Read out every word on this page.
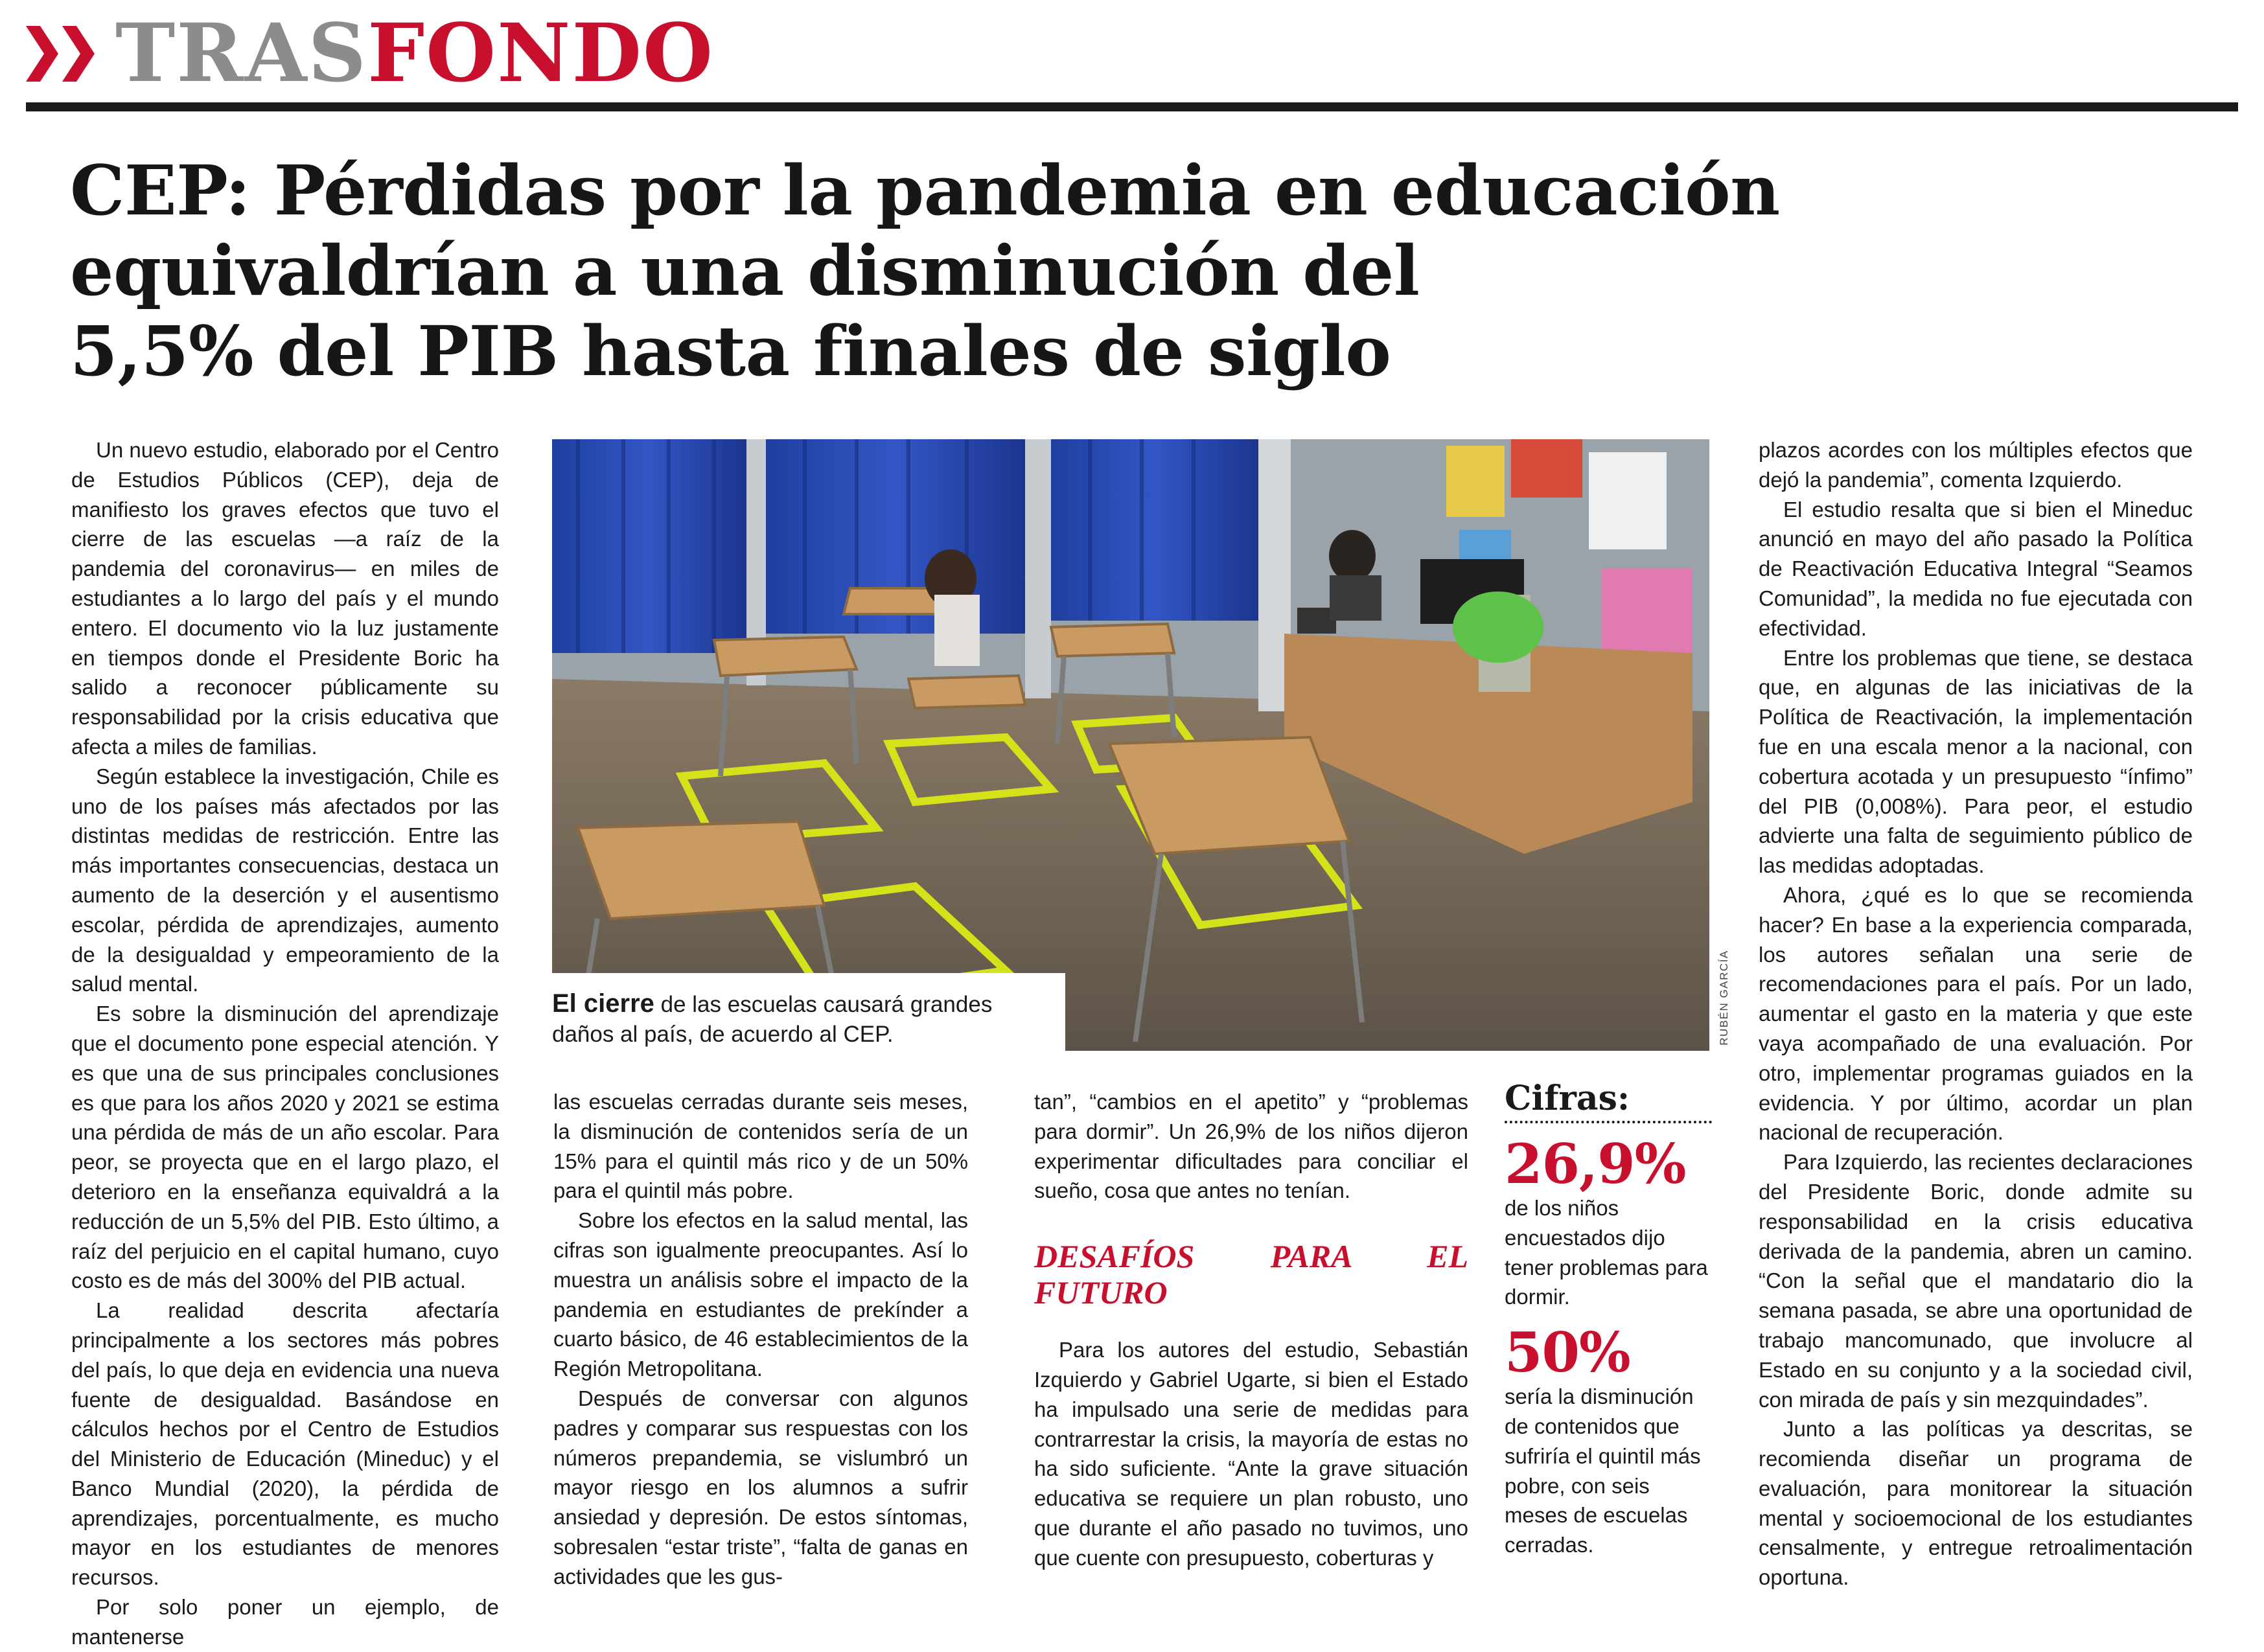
TRASFONDO
CEP: Pérdidas por la pandemia en educación
equivaldrían a una disminución del
5,5% del PIB hasta finales de siglo

Un nuevo estudio, elaborado por el Centro de Estudios Públicos (CEP), deja de manifiesto los graves efectos que tuvo el cierre de las escuelas —a raíz de la pandemia del coronavirus— en miles de estudiantes a lo largo del país y el mundo entero. El documento vio la luz justamente en tiempos donde el Presidente Boric ha salido a reconocer públicamente su responsabilidad por la crisis educativa que afecta a miles de familias.

Según establece la investigación, Chile es uno de los países más afectados por las distintas medidas de restricción. Entre las más importantes consecuencias, destaca un aumento de la deserción y el ausentismo escolar, pérdida de aprendizajes, aumento de la desigualdad y empeoramiento de la salud mental.

Es sobre la disminución del aprendizaje que el documento pone especial atención. Y es que una de sus principales conclusiones es que para los años 2020 y 2021 se estima una pérdida de más de un año escolar. Para peor, se proyecta que en el largo plazo, el deterioro en la enseñanza equivaldrá a la reducción de un 5,5% del PIB. Esto último, a raíz del perjuicio en el capital humano, cuyo costo es de más del 300% del PIB actual.

La realidad descrita afectaría principalmente a los sectores más pobres del país, lo que deja en evidencia una nueva fuente de desigualdad. Basándose en cálculos hechos por el Centro de Estudios del Ministerio de Educación (Mineduc) y el Banco Mundial (2020), la pérdida de aprendizajes, porcentualmente, es mucho mayor en los estudiantes de menores recursos.

Por solo poner un ejemplo, de mantenerse

RUBÉN GARCÍA
El cierre de las escuelas causará grandes daños al país, de acuerdo al CEP.

las escuelas cerradas durante seis meses, la disminución de contenidos sería de un 15% para el quintil más rico y de un 50% para el quintil más pobre.

Sobre los efectos en la salud mental, las cifras son igualmente preocupantes. Así lo muestra un análisis sobre el impacto de la pandemia en estudiantes de prekínder a cuarto básico, de 46 establecimientos de la Región Metropolitana.

Después de conversar con algunos padres y comparar sus respuestas con los números prepandemia, se vislumbró un mayor riesgo en los alumnos a sufrir ansiedad y depresión. De estos síntomas, sobresalen “estar triste”, “falta de ganas en actividades que les gus-

tan”, “cambios en el apetito” y “problemas para dormir”. Un 26,9% de los niños dijeron experimentar dificultades para conciliar el sueño, cosa que antes no tenían.

DESAFÍOS PARA EL FUTURO

Para los autores del estudio, Sebastián Izquierdo y Gabriel Ugarte, si bien el Estado ha impulsado una serie de medidas para contrarrestar la crisis, la mayoría de estas no ha sido suficiente. “Ante la grave situación educativa se requiere un plan robusto, uno que durante el año pasado no tuvimos, uno que cuente con presupuesto, coberturas y

Cifras:
26,9%
de los niños encuestados dijo tener problemas para dormir.
50%
sería la disminución de contenidos que sufriría el quintil más pobre, con seis meses de escuelas cerradas.

plazos acordes con los múltiples efectos que dejó la pandemia”, comenta Izquierdo.

El estudio resalta que si bien el Mineduc anunció en mayo del año pasado la Política de Reactivación Educativa Integral “Seamos Comunidad”, la medida no fue ejecutada con efectividad.

Entre los problemas que tiene, se destaca que, en algunas de las iniciativas de la Política de Reactivación, la implementación fue en una escala menor a la nacional, con cobertura acotada y un presupuesto “ínfimo” del PIB (0,008%). Para peor, el estudio advierte una falta de seguimiento público de las medidas adoptadas.

Ahora, ¿qué es lo que se recomienda hacer? En base a la experiencia comparada, los autores señalan una serie de recomendaciones para el país. Por un lado, aumentar el gasto en la materia y que este vaya acompañado de una evaluación. Por otro, implementar programas guiados en la evidencia. Y por último, acordar un plan nacional de recuperación.

Para Izquierdo, las recientes declaraciones del Presidente Boric, donde admite su responsabilidad en la crisis educativa derivada de la pandemia, abren un camino. “Con la señal que el mandatario dio la semana pasada, se abre una oportunidad de trabajo mancomunado, que involucre al Estado en su conjunto y a la sociedad civil, con mirada de país y sin mezquindades”.

Junto a las políticas ya descritas, se recomienda diseñar un programa de evaluación, para monitorear la situación mental y socioemocional de los estudiantes censalmente, y entregue retroalimentación oportuna.
